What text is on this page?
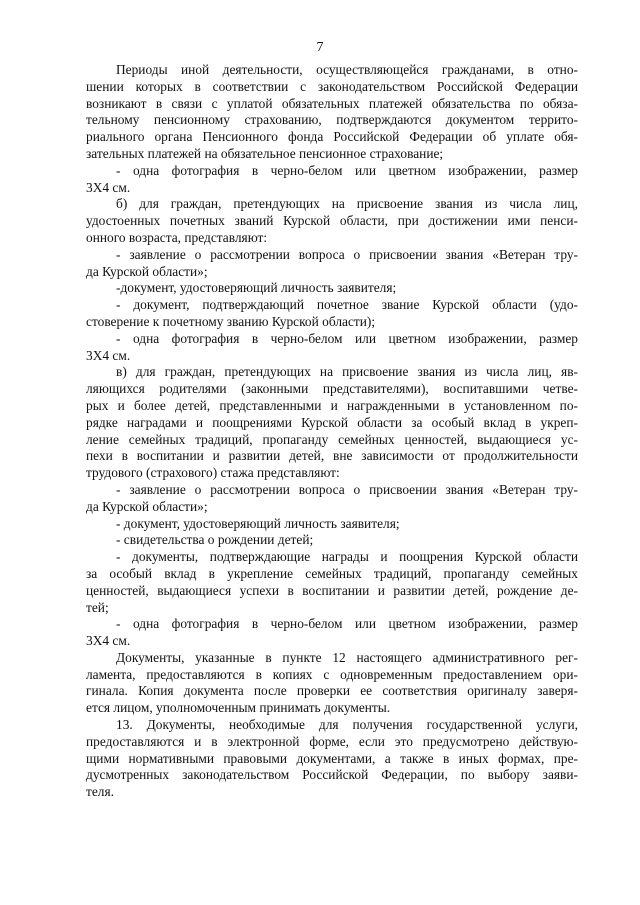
7

Периоды иной деятельности, осуществляющейся гражданами, в отно-

шении которых в соответствии с законодательством Российской Федерации

возникают в связи с уплатой обязательных платежей обязательства по обяза-

тельному пенсионному страхованию, подтверждаются документом террито-

риального органа Пенсионного фонда Российской Федерации об уплате обя-

зательных платежей на обязательное пенсионное страхование;

- одна фотография в черно-белом или цветном изображении, размер

3Х4 см.

б) для граждан, претендующих на присвоение звания из числа лиц,

удостоенных почетных званий Курской области, при достижении ими пенси-

онного возраста, представляют:

- заявление о рассмотрении вопроса о присвоении звания «Ветеран тру-

да Курской области»;

-документ, удостоверяющий личность заявителя;

- документ, подтверждающий почетное звание Курской области (удо-

стоверение к почетному званию Курской области);

- одна фотография в черно-белом или цветном изображении, размер

3Х4 см.

в) для граждан, претендующих на присвоение звания из числа лиц, яв-

ляющихся родителями (законными представителями), воспитавшими четве-

рых и более детей, представленными и награжденными в установленном по-

рядке наградами и поощрениями Курской области за особый вклад в укреп-

ление семейных традиций, пропаганду семейных ценностей, выдающиеся ус-

пехи в воспитании и развитии детей, вне зависимости от продолжительности

трудового (страхового) стажа представляют:

- заявление о рассмотрении вопроса о присвоении звания «Ветеран тру-

да Курской области»;

- документ, удостоверяющий личность заявителя;

- свидетельства о рождении детей;

- документы, подтверждающие награды и поощрения Курской области

за особый вклад в укрепление семейных традиций, пропаганду семейных

ценностей, выдающиеся успехи в воспитании и развитии детей, рождение де-

тей;

- одна фотография в черно-белом или цветном изображении, размер

3Х4 см.

Документы, указанные в пункте 12 настоящего административного рег-

ламента, предоставляются в копиях с одновременным предоставлением ори-

гинала. Копия документа после проверки ее соответствия оригиналу заверя-

ется лицом, уполномоченным принимать документы.

13. Документы, необходимые для получения государственной услуги,

предоставляются и в электронной форме, если это предусмотрено действую-

щими нормативными правовыми документами, а также в иных формах, пре-

дусмотренных законодательством Российской Федерации, по выбору заяви-

теля.
